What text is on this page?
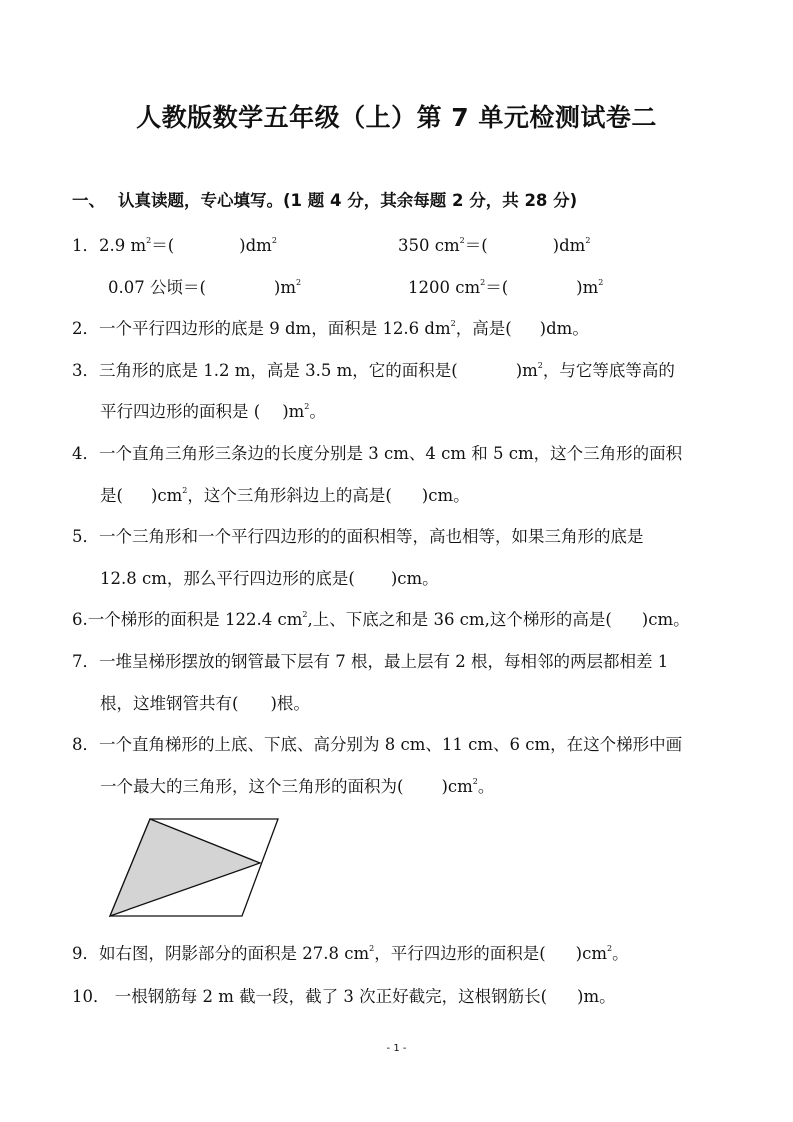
人教版数学五年级（上）第 7 单元检测试卷二
一、 认真读题，专心填写。(1 题 4 分，其余每题 2 分，共 28 分)
1．2.9 $m^2=$(	)$dm^2$	350 $cm^2=$(	)$dm^2$
0.07 公顷＝(	)$m^2$	1200 $cm^2=$(	)$m^2$
2．一个平行四边形的底是 9 dm，面积是 12.6 $dm^2$，高是( )dm。
3．三角形的底是 1.2 m，高是 3.5 m，它的面积是(	)$m^2$，与它等底等高的
平行四边形的面积是 ( )$m^2$。
4．一个直角三角形三条边的长度分别是 3 cm、4 cm 和 5 cm，这个三角形的面积
是( )$cm^2$，这个三角形斜边上的高是( )cm。
5．一个三角形和一个平行四边形的的面积相等，高也相等，如果三角形的底是
12.8 cm，那么平行四边形的底是( )cm。
6.一个梯形的面积是 122.4 $cm^2$,上、下底之和是 36 cm,这个梯形的高是( )cm。
7．一堆呈梯形摆放的钢管最下层有 7 根，最上层有 2 根，每相邻的两层都相差 1
根，这堆钢管共有( )根。
8．一个直角梯形的上底、下底、高分别为 8 cm、11 cm、6 cm，在这个梯形中画
一个最大的三角形，这个三角形的面积为( )$cm^2$。
9．如右图，阴影部分的面积是 27.8 $cm^2$，平行四边形的面积是( )$cm^2$。
10． 一根钢筋每 2 m 截一段，截了 3 次正好截完，这根钢筋长( )m。
- 1 -
